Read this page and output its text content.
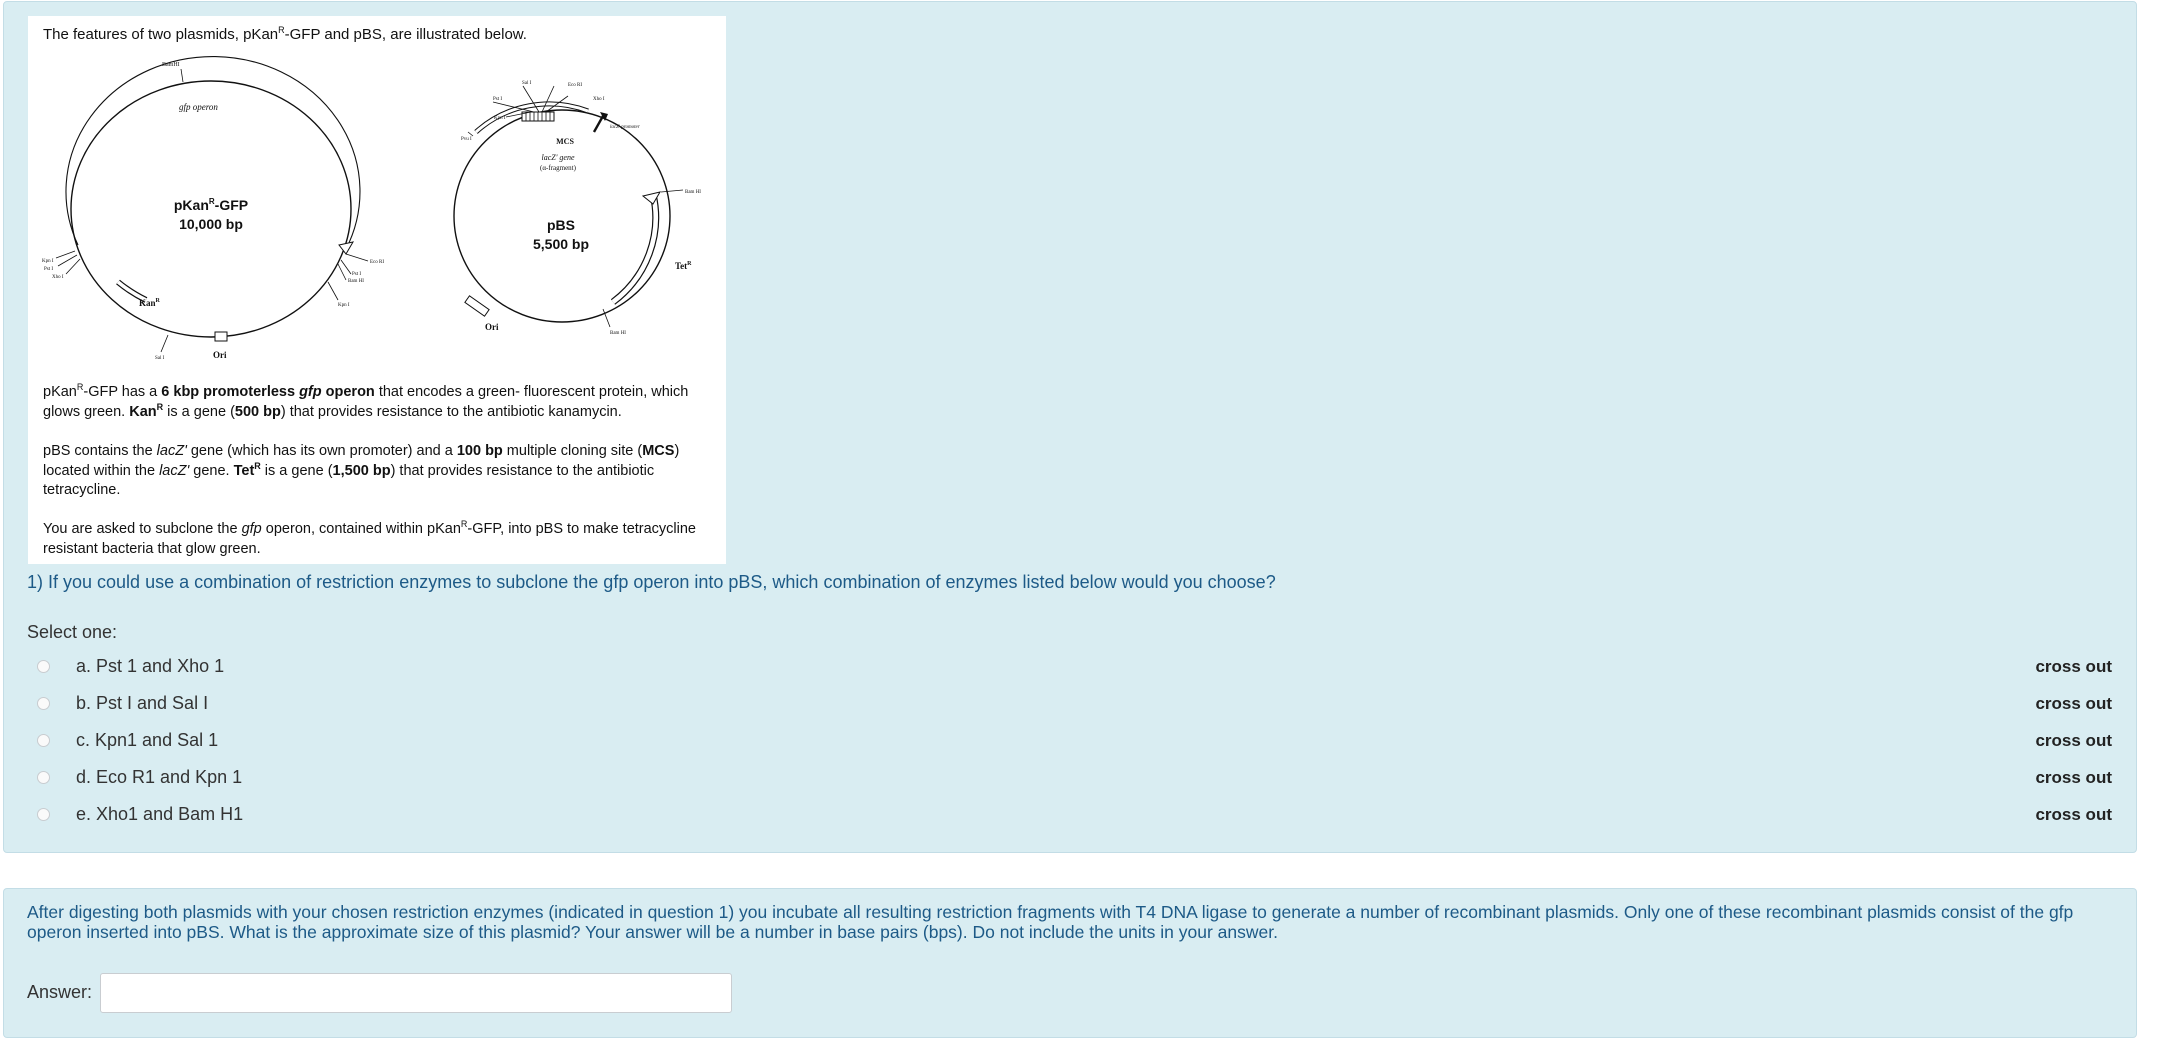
The features of two plasmids, pKan$^R$-GFP and pBS, are illustrated below.
BamHI
gfp operon
pKan$^R$-GFP
10,000 bp
Kpn I
Pst I
Xho I
Kan$^R$
Ori
Sal I
Eco RI
Pst I
Bam HI
Kpn I
Sal I	Eco RI
Pst I	Xho I
Kpn I
Pvu I
lacZ' promoter
MCS
lacZ' gene
(α-fragment)
pBS
5,500 bp
Bam HI
Tet$^R$
Ori
Bam HI
pKan$^R$-GFP has a 6 kbp promoterless gfp operon that encodes a green- fluorescent protein, which glows green. Kan$^R$ is a gene (500 bp) that provides resistance to the antibiotic kanamycin.
pBS contains the lacZ' gene (which has its own promoter) and a 100 bp multiple cloning site (MCS) located within the lacZ' gene. Tet$^R$ is a gene (1,500 bp) that provides resistance to the antibiotic tetracycline.
You are asked to subclone the gfp operon, contained within pKan$^R$-GFP, into pBS to make tetracycline resistant bacteria that glow green.
1) If you could use a combination of restriction enzymes to subclone the gfp operon into pBS, which combination of enzymes listed below would you choose?
Select one:
a. Pst 1 and Xho 1	cross out
b. Pst I and Sal I	cross out
c. Kpn1 and Sal 1	cross out
d. Eco R1 and Kpn 1	cross out
e. Xho1 and Bam H1	cross out
After digesting both plasmids with your chosen restriction enzymes (indicated in question 1) you incubate all resulting restriction fragments with T4 DNA ligase to generate a number of recombinant plasmids. Only one of these recombinant plasmids consist of the gfp operon inserted into pBS. What is the approximate size of this plasmid? Your answer will be a number in base pairs (bps). Do not include the units in your answer.
Answer:
